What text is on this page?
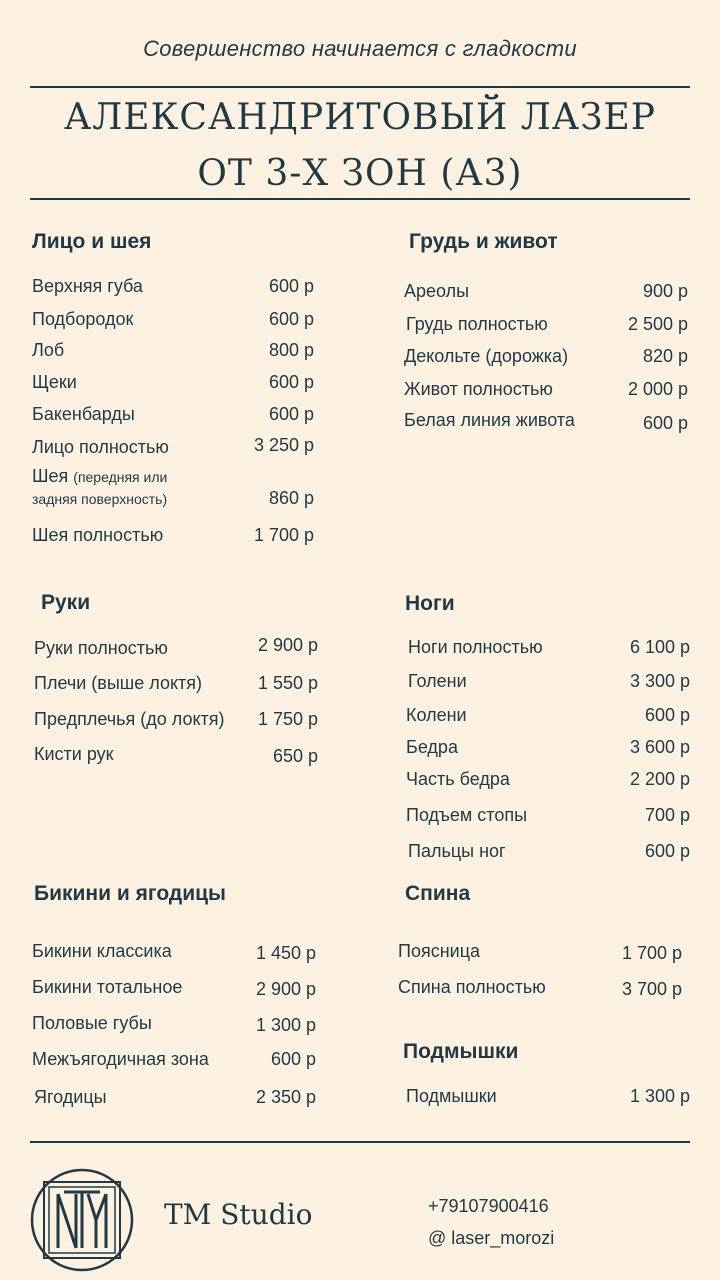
Совершенство начинается с гладкости
АЛЕКСАНДРИТОВЫЙ ЛАЗЕР
ОТ 3-Х ЗОН (А3)
Лицо и шея
Верхняя губа	600 р
Подбородок	600 р
Лоб	800 р
Щеки	600 р
Бакенбарды	600 р
Лицо полностью	3 250 р
Шея (передняя или
задняя поверхность)	860 р
Шея полностью	1 700 р
Грудь и живот
Ареолы	900 р
Грудь полностью	2 500 р
Декольте (дорожка)	820 р
Живот полностью	2 000 р
Белая линия живота	600 р
Руки
Руки полностью	2 900 р
Плечи (выше локтя)	1 550 р
Предплечья (до локтя) 1 750 р
Кисти рук	650 р
Ноги
Ноги полностью	6 100 р
Голени	3 300 р
Колени	600 р
Бедра	3 600 р
Часть бедра	2 200 р
Подъем стопы	700 р
Пальцы ног	600 р
Бикини и ягодицы
Бикини классика	1 450 р
Бикини тотальное	2 900 р
Половые губы	1 300 р
Межъягодичная зона	600 р
Ягодицы	2 350 р
Спина
Поясница	1 700 р
Спина полностью	3 700 р
Подмышки
Подмышки	1 300 р
TM Studio	+79107900416
@ laser_morozi
